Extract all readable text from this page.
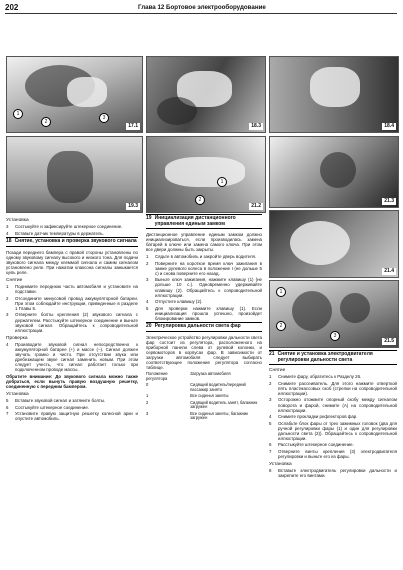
202	Глава 12 Бортовое электрооборудование
1
2
3
17.1	18.3	18.4
19.3
1
2
21.2
21.3
21.4
1
2
3
21.5
Установка
3	Состыкуйте и зафиксируйте штекерное соединение.
4	Вставьте датчик температуры в держатель.
18 Снятие, установка и проверка звукового сигнала

Позади переднего бампера с правой стороны установлены по одному звуковому сигналу высокого и низкого тона. Для подачи звукового сигнала между клеммой сигнала и самим сигналом установлено реле. При нажатии клаксона сигналы замыкается цепь реле.

Снятие
1	Поднимите переднюю часть автомобиля и установите на подставки.
2	Отсоедините минусовой провод аккумуляторной батареи. При этом соблюдайте инструкции, приведенные в разделе 1 Главы 5.
3	Отверните болты крепления (2) звукового сигнала с держателем. Расстыкуйте штекерное соединение и выньте звуковой сигнал. Обращайтесь к сопроводительной иллюстрации.
Проверка
4	Производите звуковой сигнал непосредственно к аккумуляторной батарее (+) и массе (−). Сигнал должен звучать громко и чисто. При отсутствии звука или дребезжащем звуке сигнал заменить новым. При этом следует учесть, что сигнал работает только при подключенном проводе массы.
Обратите внимание: До звукового сигнала можно также добраться, если вынуть правую воздушную решетку, соединенную с передним бампером.
Установка
5	Вставьте звуковой сигнал и затяните болты.
6	Состыкуйте штекерное соединение.
7	Установите правую защитную решетку колесной арки и опустите автомобиль.
19 Инициализация дистанционного управления единым замком

Дистанционное управление единым замком должно инициализироваться, если производилась замена батарей в ключе или замена самого ключа. При этом все двери должны быть закрыты.

1	Сядьте в автомобиль и закройте дверь водителя.
2	Поверните на короткое время ключ зажигания в замке рулевого колеса в положение I (не дольше 5 с) и снова поверните его назад.
3	Выньте ключ зажигания, нажмите клавишу (1) (не дольше 10 с.). Одновременно удерживайте клавишу (2). Обращайтесь к сопроводительной иллюстрации.
4	Отпустите клавишу (2).
5	Для проверки нажмите клавишу (1). Если инициализация прошла успешно, произойдет блокирование замков.
20 Регулировка дальности света фар

Электрическое устройство регулировки дальности света фар состоит из регулятора, расположенного на приборной панели слева от рулевой колонки, и сервомоторов в корпусах фар. В зависимости от загрузки автомобиля следует выбирать соответствующее положение регулятора согласно таблице.

Положение регулятора	Загрузка автомобиля
0	Сидящий водитель/передний пассажир занято
1	Все сиденья заняты
2	Сидящий водитель занят, багажник загружен
3	Все сиденья заняты, багажник загружен
21 Снятие и установка электродвигателя регулировки дальности света
Снятие
1	Снимите фару, обратитесь к Разделу 26.
2	Снимите рассеиватель. Для этого нажмите отверткой пять пластмассовых скоб (стрелки на сопроводительной иллюстрации).
3	Осторожно отожмите опорный скобу между сигналом поворота и фарой, снимите (А) на сопроводительной иллюстрации.
4	Снимите прокладки рефлекторов фар.
5	Ослабьте блок фары от трех зажимных головок (два для ручной регулировки фары (1) и один для регулировки дальности света (2)). Обращайтесь к сопроводительной иллюстрации.
6	Расстыкуйте штекерное соединение.
7	Отверните винты крепления (3) электродвигателя регулировки и выньте его из фары.
Установка
8	Вставьте электродвигатель регулировки дальности и закрепите его винтами.
